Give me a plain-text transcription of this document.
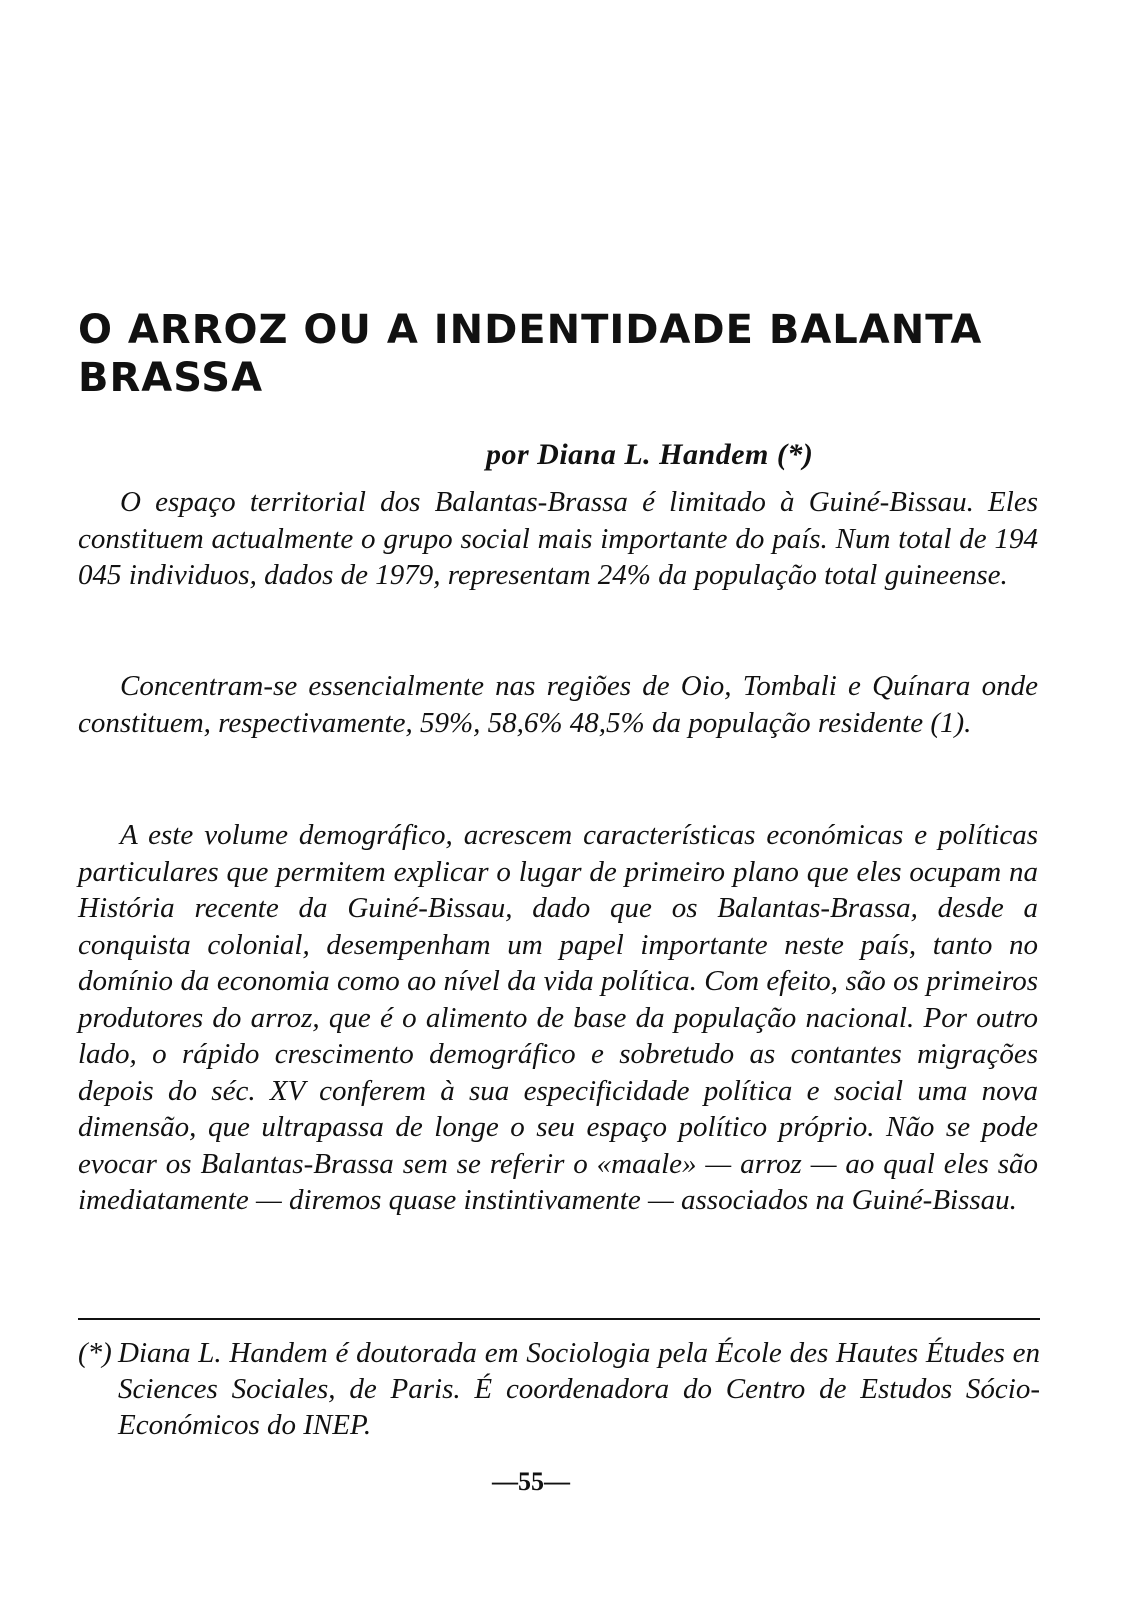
O ARROZ OU A INDENTIDADE BALANTA BRASSA
por Diana L. Handem (*)

O espaço territorial dos Balantas-Brassa é limitado à Guiné-Bissau. Eles constituem actualmente o grupo social mais importante do país. Num total de 194 045 individuos, dados de 1979, representam 24% da população total guineense.

Concentram-se essencialmente nas regiões de Oio, Tombali e Quínara onde constituem, respectivamente, 59%, 58,6% 48,5% da população residente (1).

A este volume demográfico, acrescem características económicas e políticas particulares que permitem explicar o lugar de primeiro plano que eles ocupam na História recente da Guiné-Bissau, dado que os Balantas-Brassa, desde a conquista colonial, desempenham um papel importante neste país, tanto no domínio da economia como ao nível da vida política. Com efeito, são os primeiros produtores do arroz, que é o alimento de base da população nacional. Por outro lado, o rápido crescimento demográfico e sobretudo as contantes migrações depois do séc. XV conferem à sua especificidade política e social uma nova dimensão, que ultrapassa de longe o seu espaço político próprio. Não se pode evocar os Balantas-Brassa sem se referir o «maale» — arroz — ao qual eles são imediatamente — diremos quase instintivamente — associados na Guiné-Bissau.

(*) Diana L. Handem é doutorada em Sociologia pela École des Hautes Études en Sciences Sociales, de Paris. É coordenadora do Centro de Estudos Sócio-Económicos do INEP.
—55—
